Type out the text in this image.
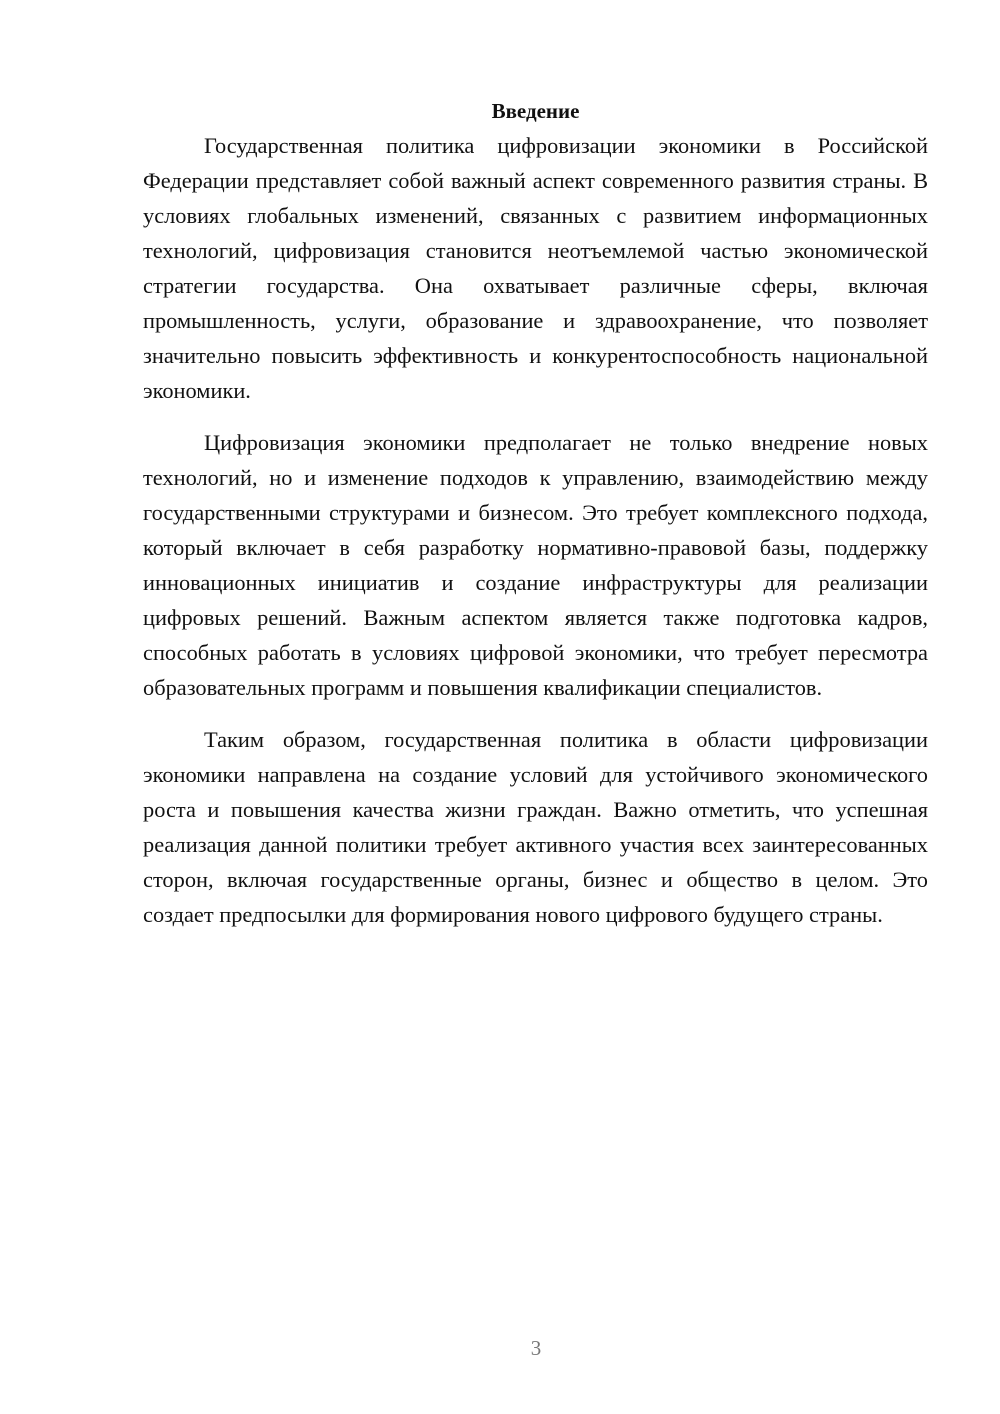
Введение

Государственная политика цифровизации экономики в Российской Федерации представляет собой важный аспект современного развития страны. В условиях глобальных изменений, связанных с развитием информационных технологий, цифровизация становится неотъемлемой частью экономической стратегии государства. Она охватывает различные сферы, включая промышленность, услуги, образование и здравоохранение, что позволяет значительно повысить эффективность и конкурентоспособность национальной экономики.

Цифровизация экономики предполагает не только внедрение новых технологий, но и изменение подходов к управлению, взаимодействию между государственными структурами и бизнесом. Это требует комплексного подхода, который включает в себя разработку нормативно-правовой базы, поддержку инновационных инициатив и создание инфраструктуры для реализации цифровых решений. Важным аспектом является также подготовка кадров, способных работать в условиях цифровой экономики, что требует пересмотра образовательных программ и повышения квалификации специалистов.

Таким образом, государственная политика в области цифровизации экономики направлена на создание условий для устойчивого экономического роста и повышения качества жизни граждан. Важно отметить, что успешная реализация данной политики требует активного участия всех заинтересованных сторон, включая государственные органы, бизнес и общество в целом. Это создает предпосылки для формирования нового цифрового будущего страны.

3
